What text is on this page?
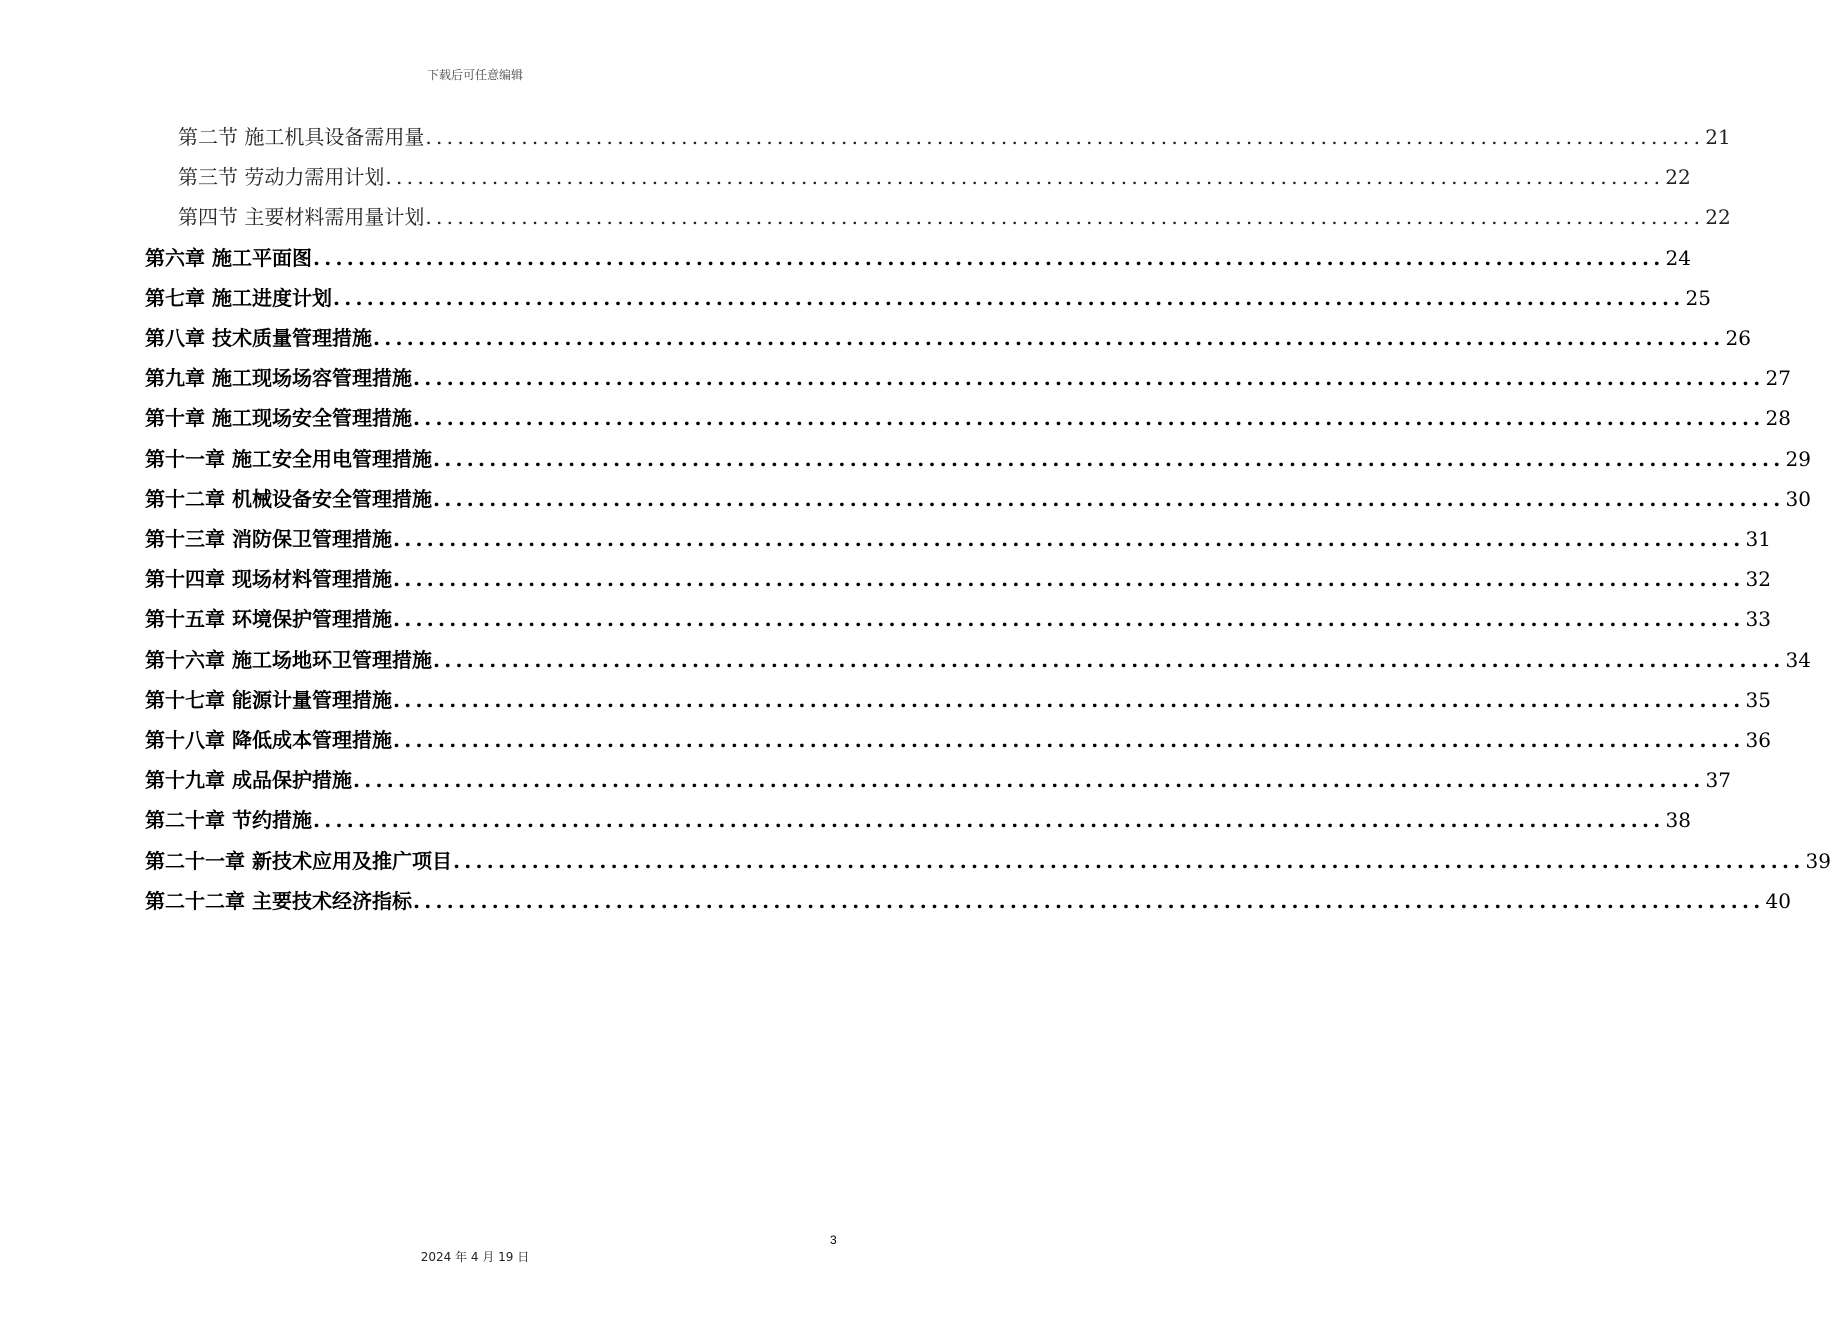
下载后可任意编辑
第二节 施工机具设备需用量 ........................................................................................................................ 21
第三节 劳动力需用计划 ........................................................................................................................ 22
第四节 主要材料需用量计划 ........................................................................................................................ 22
第六章 施工平面图 ........................................................................................................................ 24
第七章 施工进度计划 ........................................................................................................................ 25
第八章 技术质量管理措施 ........................................................................................................................ 26
第九章 施工现场场容管理措施 ........................................................................................................................ 27
第十章 施工现场安全管理措施 ........................................................................................................................ 28
第十一章 施工安全用电管理措施 ........................................................................................................................ 29
第十二章 机械设备安全管理措施 ........................................................................................................................ 30
第十三章 消防保卫管理措施 ........................................................................................................................ 31
第十四章 现场材料管理措施 ........................................................................................................................ 32
第十五章 环境保护管理措施 ........................................................................................................................ 33
第十六章 施工场地环卫管理措施 ........................................................................................................................ 34
第十七章 能源计量管理措施 ........................................................................................................................ 35
第十八章 降低成本管理措施 ........................................................................................................................ 36
第十九章 成品保护措施 ........................................................................................................................ 37
第二十章 节约措施 ........................................................................................................................ 38
第二十一章 新技术应用及推广项目 ........................................................................................................................ 39
第二十二章 主要技术经济指标 ........................................................................................................................ 40
3
2024 年 4 月 19 日
